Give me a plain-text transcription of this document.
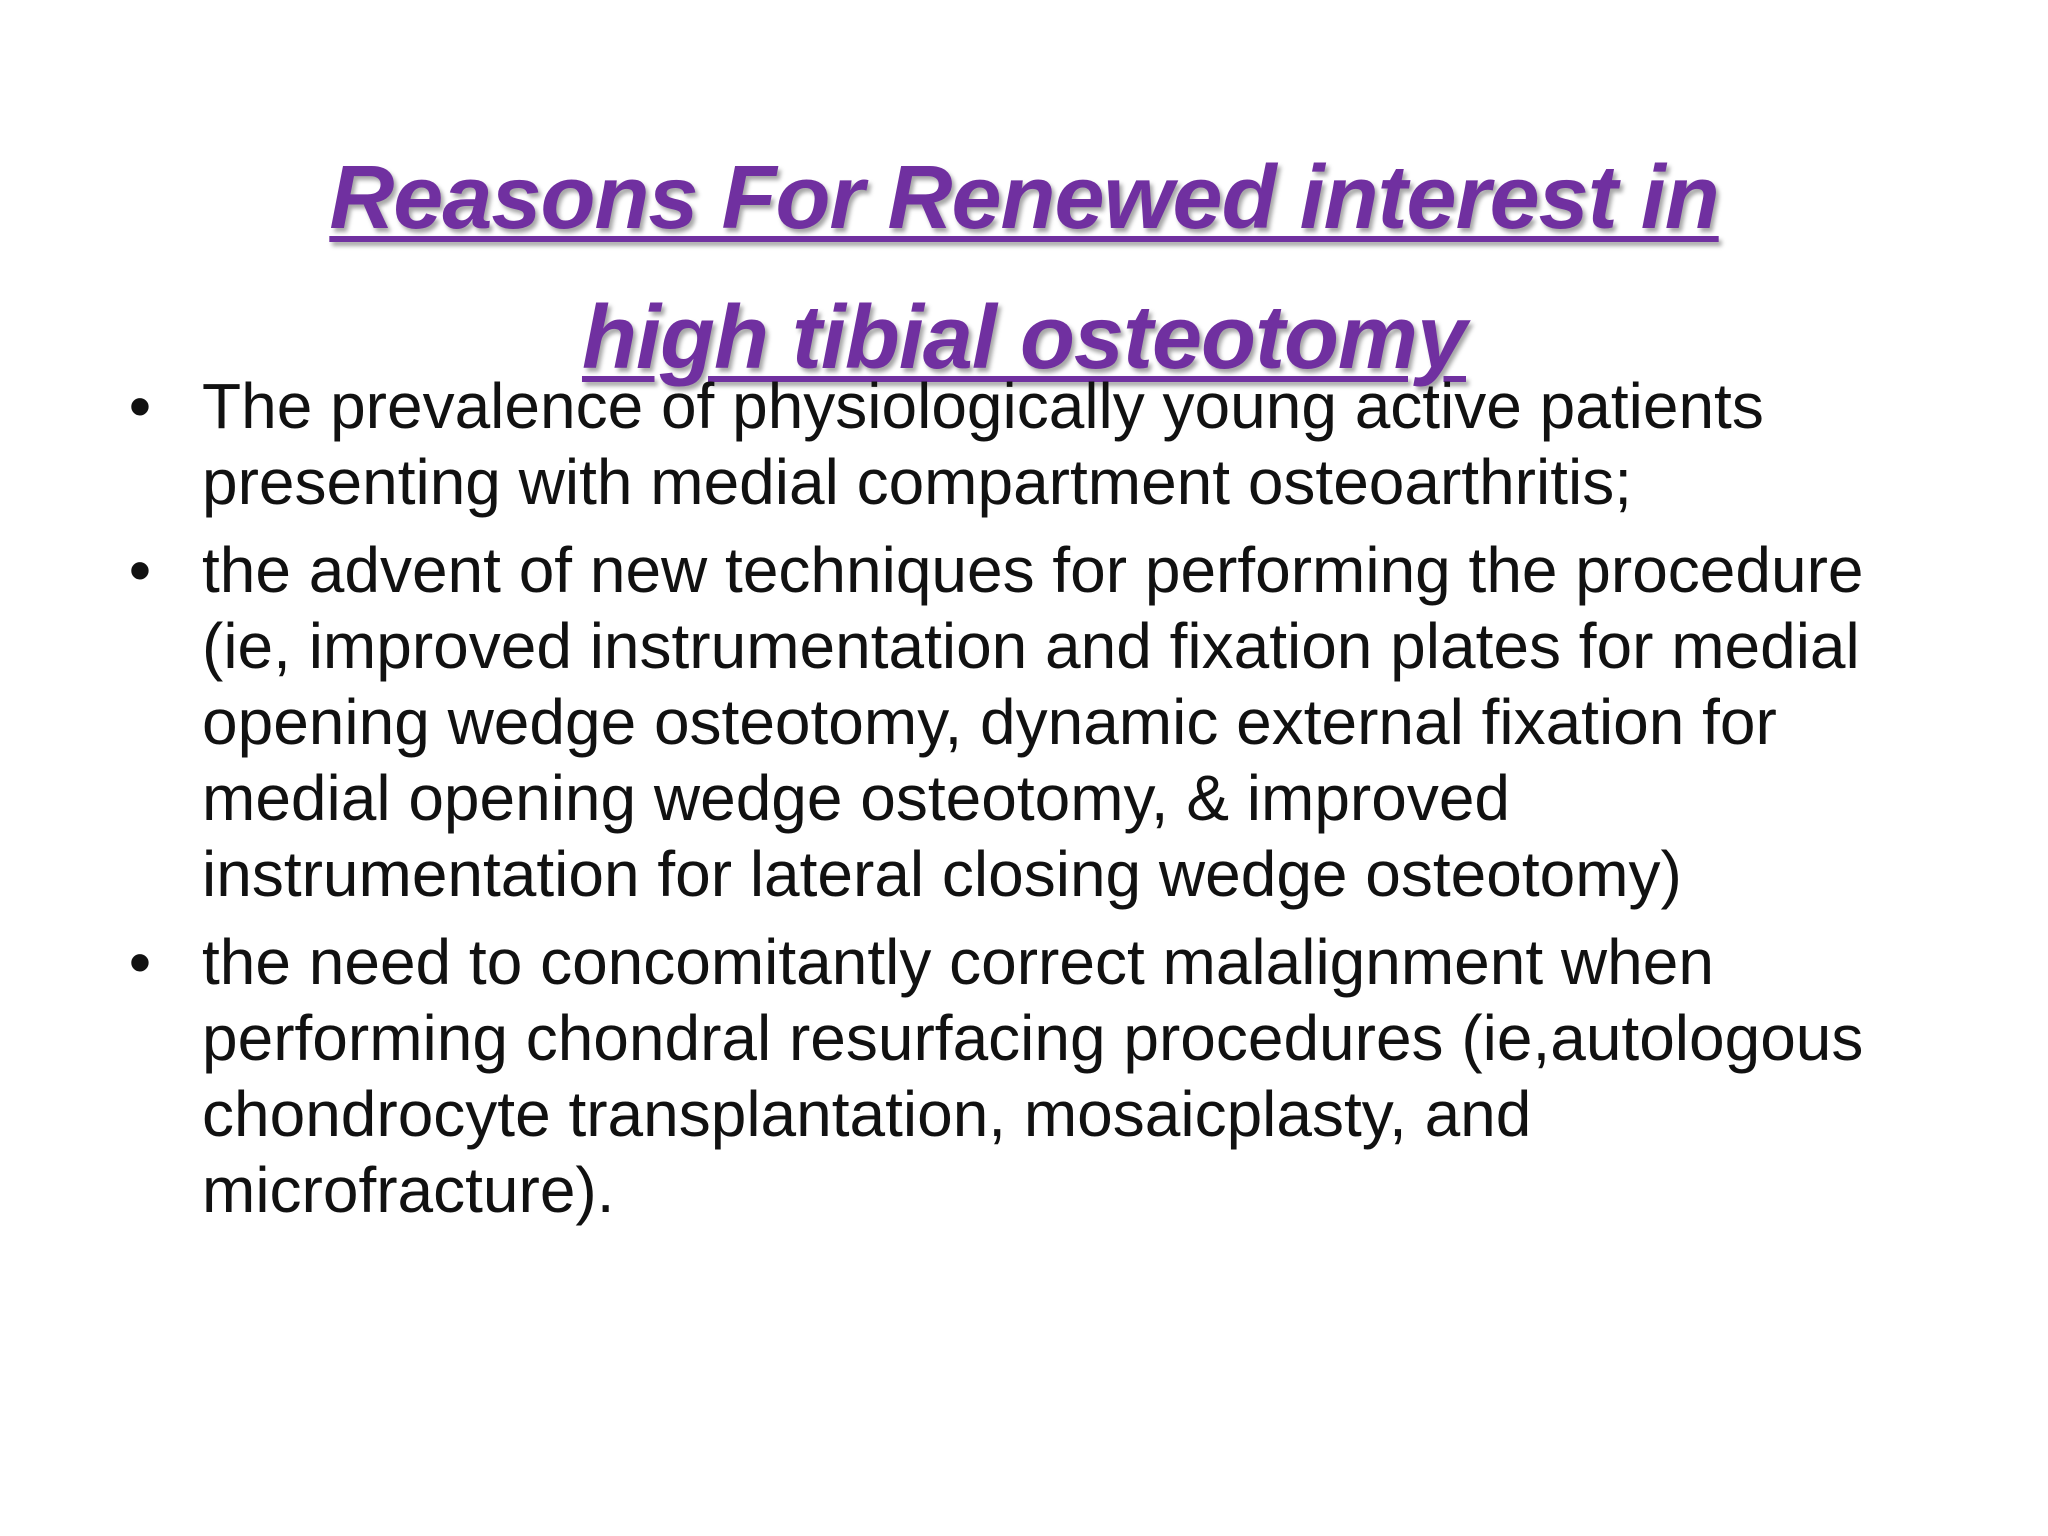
Reasons For Renewed interest in
high tibial osteotomy
• The prevalence of physiologically young active patients presenting with medial compartment osteoarthritis;
• the advent of new techniques for performing the procedure (ie, improved instrumentation and fixation plates for medial opening wedge osteotomy, dynamic external fixation for medial opening wedge osteotomy, & improved instrumentation for lateral closing wedge osteotomy)
• the need to concomitantly correct malalignment when performing chondral resurfacing procedures (ie,autologous chondrocyte transplantation, mosaicplasty, and microfracture).
